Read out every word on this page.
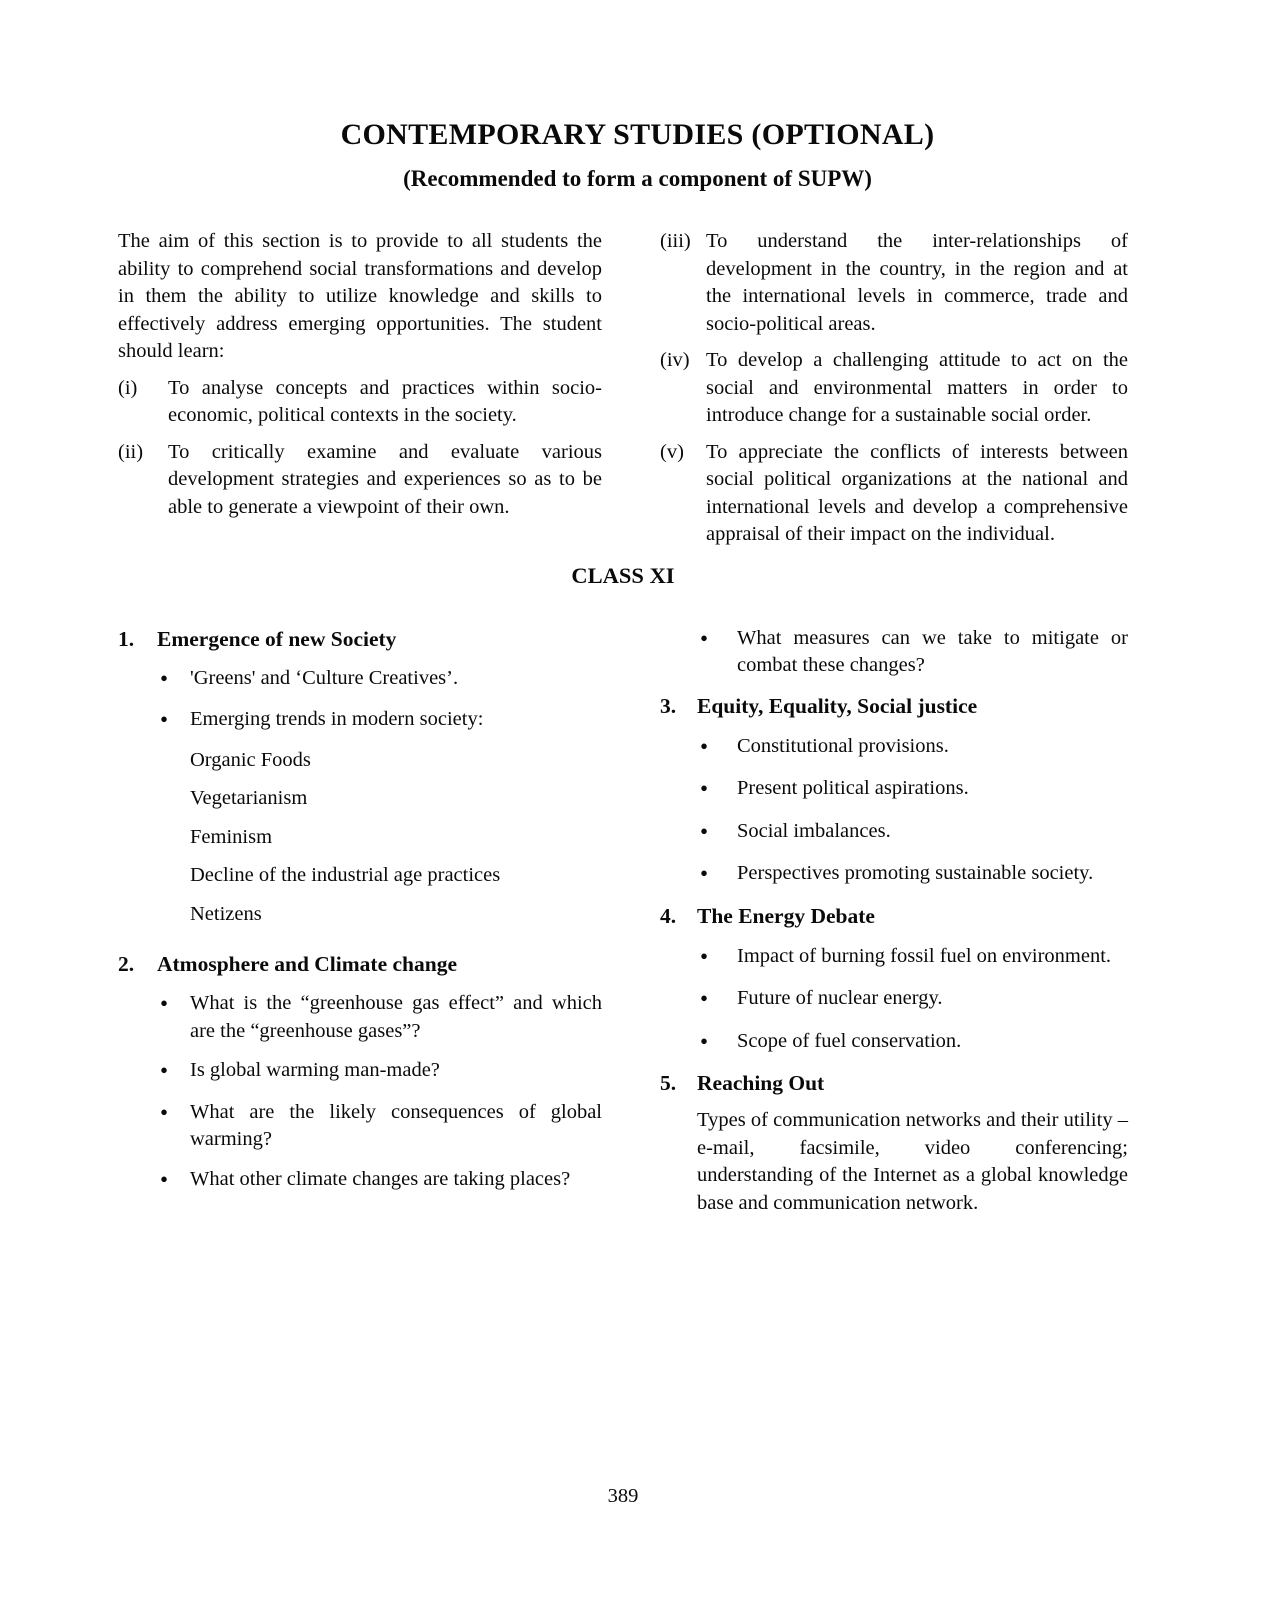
CONTEMPORARY STUDIES (OPTIONAL)
(Recommended to form a component of SUPW)

The aim of this section is to provide to all students the ability to comprehend social transformations and develop in them the ability to utilize knowledge and skills to effectively address emerging opportunities. The student should learn:

(i)	To analyse concepts and practices within socio-economic, political contexts in the society.
(ii)	To critically examine and evaluate various development strategies and experiences so as to be able to generate a viewpoint of their own.
(iii) To understand the inter-relationships of development in the country, in the region and at the international levels in commerce, trade and socio-political areas.
(iv) To develop a challenging attitude to act on the social and environmental matters in order to introduce change for a sustainable social order.
(v)	To appreciate the conflicts of interests between social political organizations at the national and international levels and develop a comprehensive appraisal of their impact on the individual.
CLASS XI
1.	Emergence of new Society
•
'Greens' and ‘Culture Creatives’.
•
Emerging trends in modern society:
Organic Foods
Vegetarianism
Feminism
Decline of the industrial age practices
Netizens
2.	Atmosphere and Climate change
•
What is the “greenhouse gas effect” and which are the “greenhouse gases”?
•
Is global warming man-made?
•
What are the likely consequences of global warming?
•
What other climate changes are taking places?
•
What measures can we take to mitigate or combat these changes?
3. Equity, Equality, Social justice
•
Constitutional provisions.
•
Present political aspirations.
•
Social imbalances.
•
Perspectives promoting sustainable society.
4. The Energy Debate
•
Impact of burning fossil fuel on environment.
•
Future of nuclear energy.
•
Scope of fuel conservation.
5. Reaching Out

Types of communication networks and their utility – e-mail, facsimile, video conferencing; understanding of the Internet as a global knowledge base and communication network.

389
